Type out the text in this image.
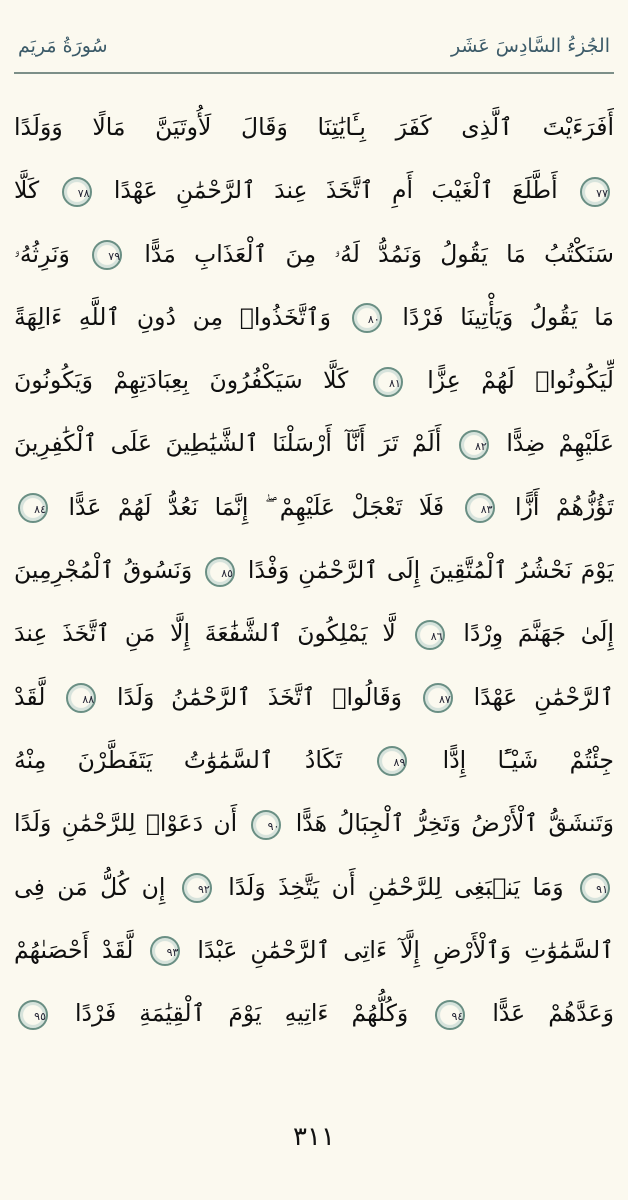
الجُزءُ السَّادِسَ عَشَر
سُورَةُ مَريَم
أَفَرَءَيْتَ ٱلَّذِى كَفَرَ بِـَٔايَٰتِنَا وَقَالَ لَأُوتَيَنَّ مَالًا وَوَلَدًا
٧٧ أَطَّلَعَ ٱلْغَيْبَ أَمِ ٱتَّخَذَ عِندَ ٱلرَّحْمَٰنِ عَهْدًا ٧٨ كَلَّا
سَنَكْتُبُ مَا يَقُولُ وَنَمُدُّ لَهُۥ مِنَ ٱلْعَذَابِ مَدًّا ٧٩ وَنَرِثُهُۥ
مَا يَقُولُ وَيَأْتِينَا فَرْدًا ٨٠ وَٱتَّخَذُوا۟ مِن دُونِ ٱللَّهِ ءَالِهَةً
لِّيَكُونُوا۟ لَهُمْ عِزًّا ٨١ كَلَّا سَيَكْفُرُونَ بِعِبَادَتِهِمْ وَيَكُونُونَ
عَلَيْهِمْ ضِدًّا ٨٢ أَلَمْ تَرَ أَنَّآ أَرْسَلْنَا ٱلشَّيَٰطِينَ عَلَى ٱلْكَٰفِرِينَ
تَؤُزُّهُمْ أَزًّا ٨٣ فَلَا تَعْجَلْ عَلَيْهِمْ ۖ إِنَّمَا نَعُدُّ لَهُمْ عَدًّا ٨٤
يَوْمَ نَحْشُرُ ٱلْمُتَّقِينَ إِلَى ٱلرَّحْمَٰنِ وَفْدًا ٨٥ وَنَسُوقُ ٱلْمُجْرِمِينَ
إِلَىٰ جَهَنَّمَ وِرْدًا ٨٦ لَّا يَمْلِكُونَ ٱلشَّفَٰعَةَ إِلَّا مَنِ ٱتَّخَذَ عِندَ
ٱلرَّحْمَٰنِ عَهْدًا ٨٧ وَقَالُوا۟ ٱتَّخَذَ ٱلرَّحْمَٰنُ وَلَدًا ٨٨ لَّقَدْ
جِئْتُمْ شَيْـًٔا إِدًّا ٨٩ تَكَادُ ٱلسَّمَٰوَٰتُ يَتَفَطَّرْنَ مِنْهُ
وَتَنشَقُّ ٱلْأَرْضُ وَتَخِرُّ ٱلْجِبَالُ هَدًّا ٩٠ أَن دَعَوْا۟ لِلرَّحْمَٰنِ وَلَدًا
٩١ وَمَا يَنۢبَغِى لِلرَّحْمَٰنِ أَن يَتَّخِذَ وَلَدًا ٩٢ إِن كُلُّ مَن فِى
ٱلسَّمَٰوَٰتِ وَٱلْأَرْضِ إِلَّآ ءَاتِى ٱلرَّحْمَٰنِ عَبْدًا ٩٣ لَّقَدْ أَحْصَىٰهُمْ
وَعَدَّهُمْ عَدًّا ٩٤ وَكُلُّهُمْ ءَاتِيهِ يَوْمَ ٱلْقِيَٰمَةِ فَرْدًا ٩٥
٣١١
